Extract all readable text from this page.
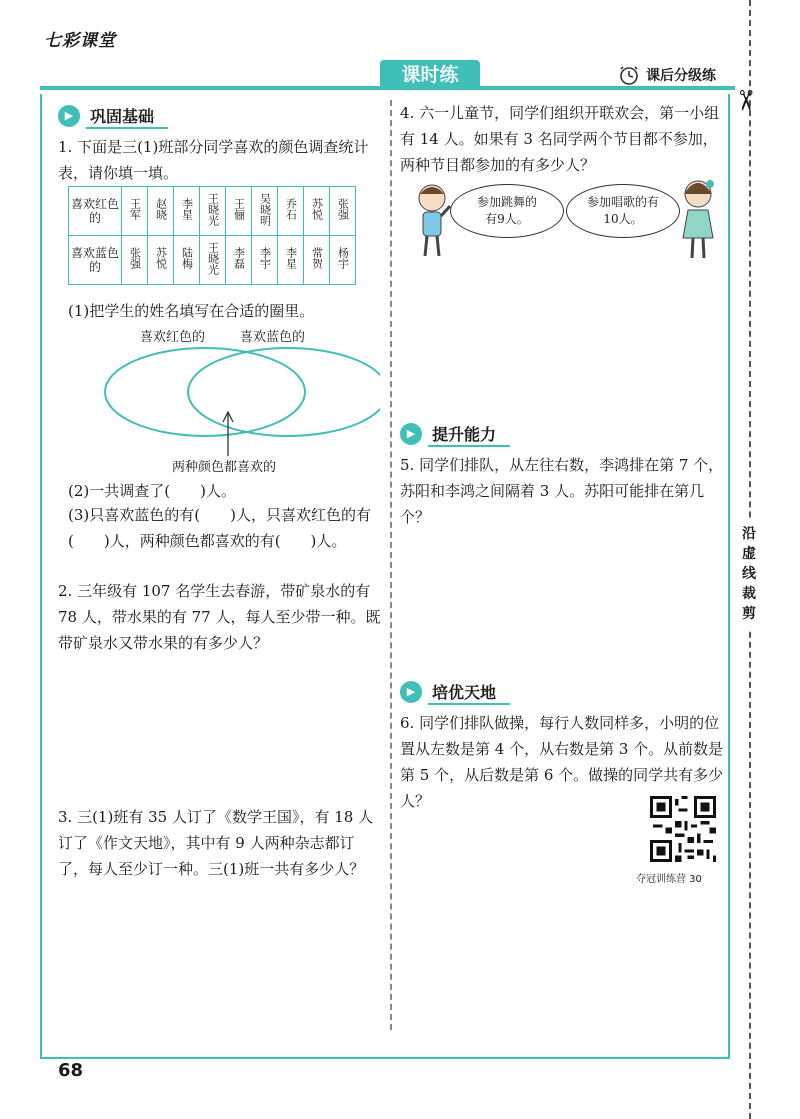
七彩课堂
课时练	课后分级练
✂
沿
虚
线
裁
剪
▶	巩固基础
1. 下面是三(1)班部分同学喜欢的颜色调查统计表，请你填一填。
喜欢红色的	王军	赵晓	李星	王晓光	王俪	吴晓明	乔石	苏悦	张强
喜欢蓝色的	张强	苏悦	陆梅	王晓光	李磊	李宇	李星	常贺	杨宇
(1)把学生的姓名填写在合适的圈里。
喜欢红色的	喜欢蓝色的
两种颜色都喜欢的
(2)一共调查了(　　)人。
(3)只喜欢蓝色的有(　　)人，只喜欢红色的有(　　)人，两种颜色都喜欢的有(　　)人。
2. 三年级有 107 名学生去春游，带矿泉水的有 78 人，带水果的有 77 人，每人至少带一种。既带矿泉水又带水果的有多少人？
3. 三(1)班有 35 人订了《数学王国》，有 18 人订了《作文天地》，其中有 9 人两种杂志都订了，每人至少订一种。三(1)班一共有多少人？
4. 六一儿童节，同学们组织开联欢会，第一小组有 14 人。如果有 3 名同学两个节目都不参加，两种节目都参加的有多少人？
参加跳舞的有9人。
参加唱歌的有10人。
▶	提升能力
5. 同学们排队，从左往右数，李鸿排在第 7 个，苏阳和李鸿之间隔着 3 人。苏阳可能排在第几个？
▶	培优天地
6. 同学们排队做操，每行人数同样多，小明的位置从左数是第 4 个，从右数是第 3 个。从前数是第 5 个，从后数是第 6 个。做操的同学共有多少人？
夺冠训练营 30
68
